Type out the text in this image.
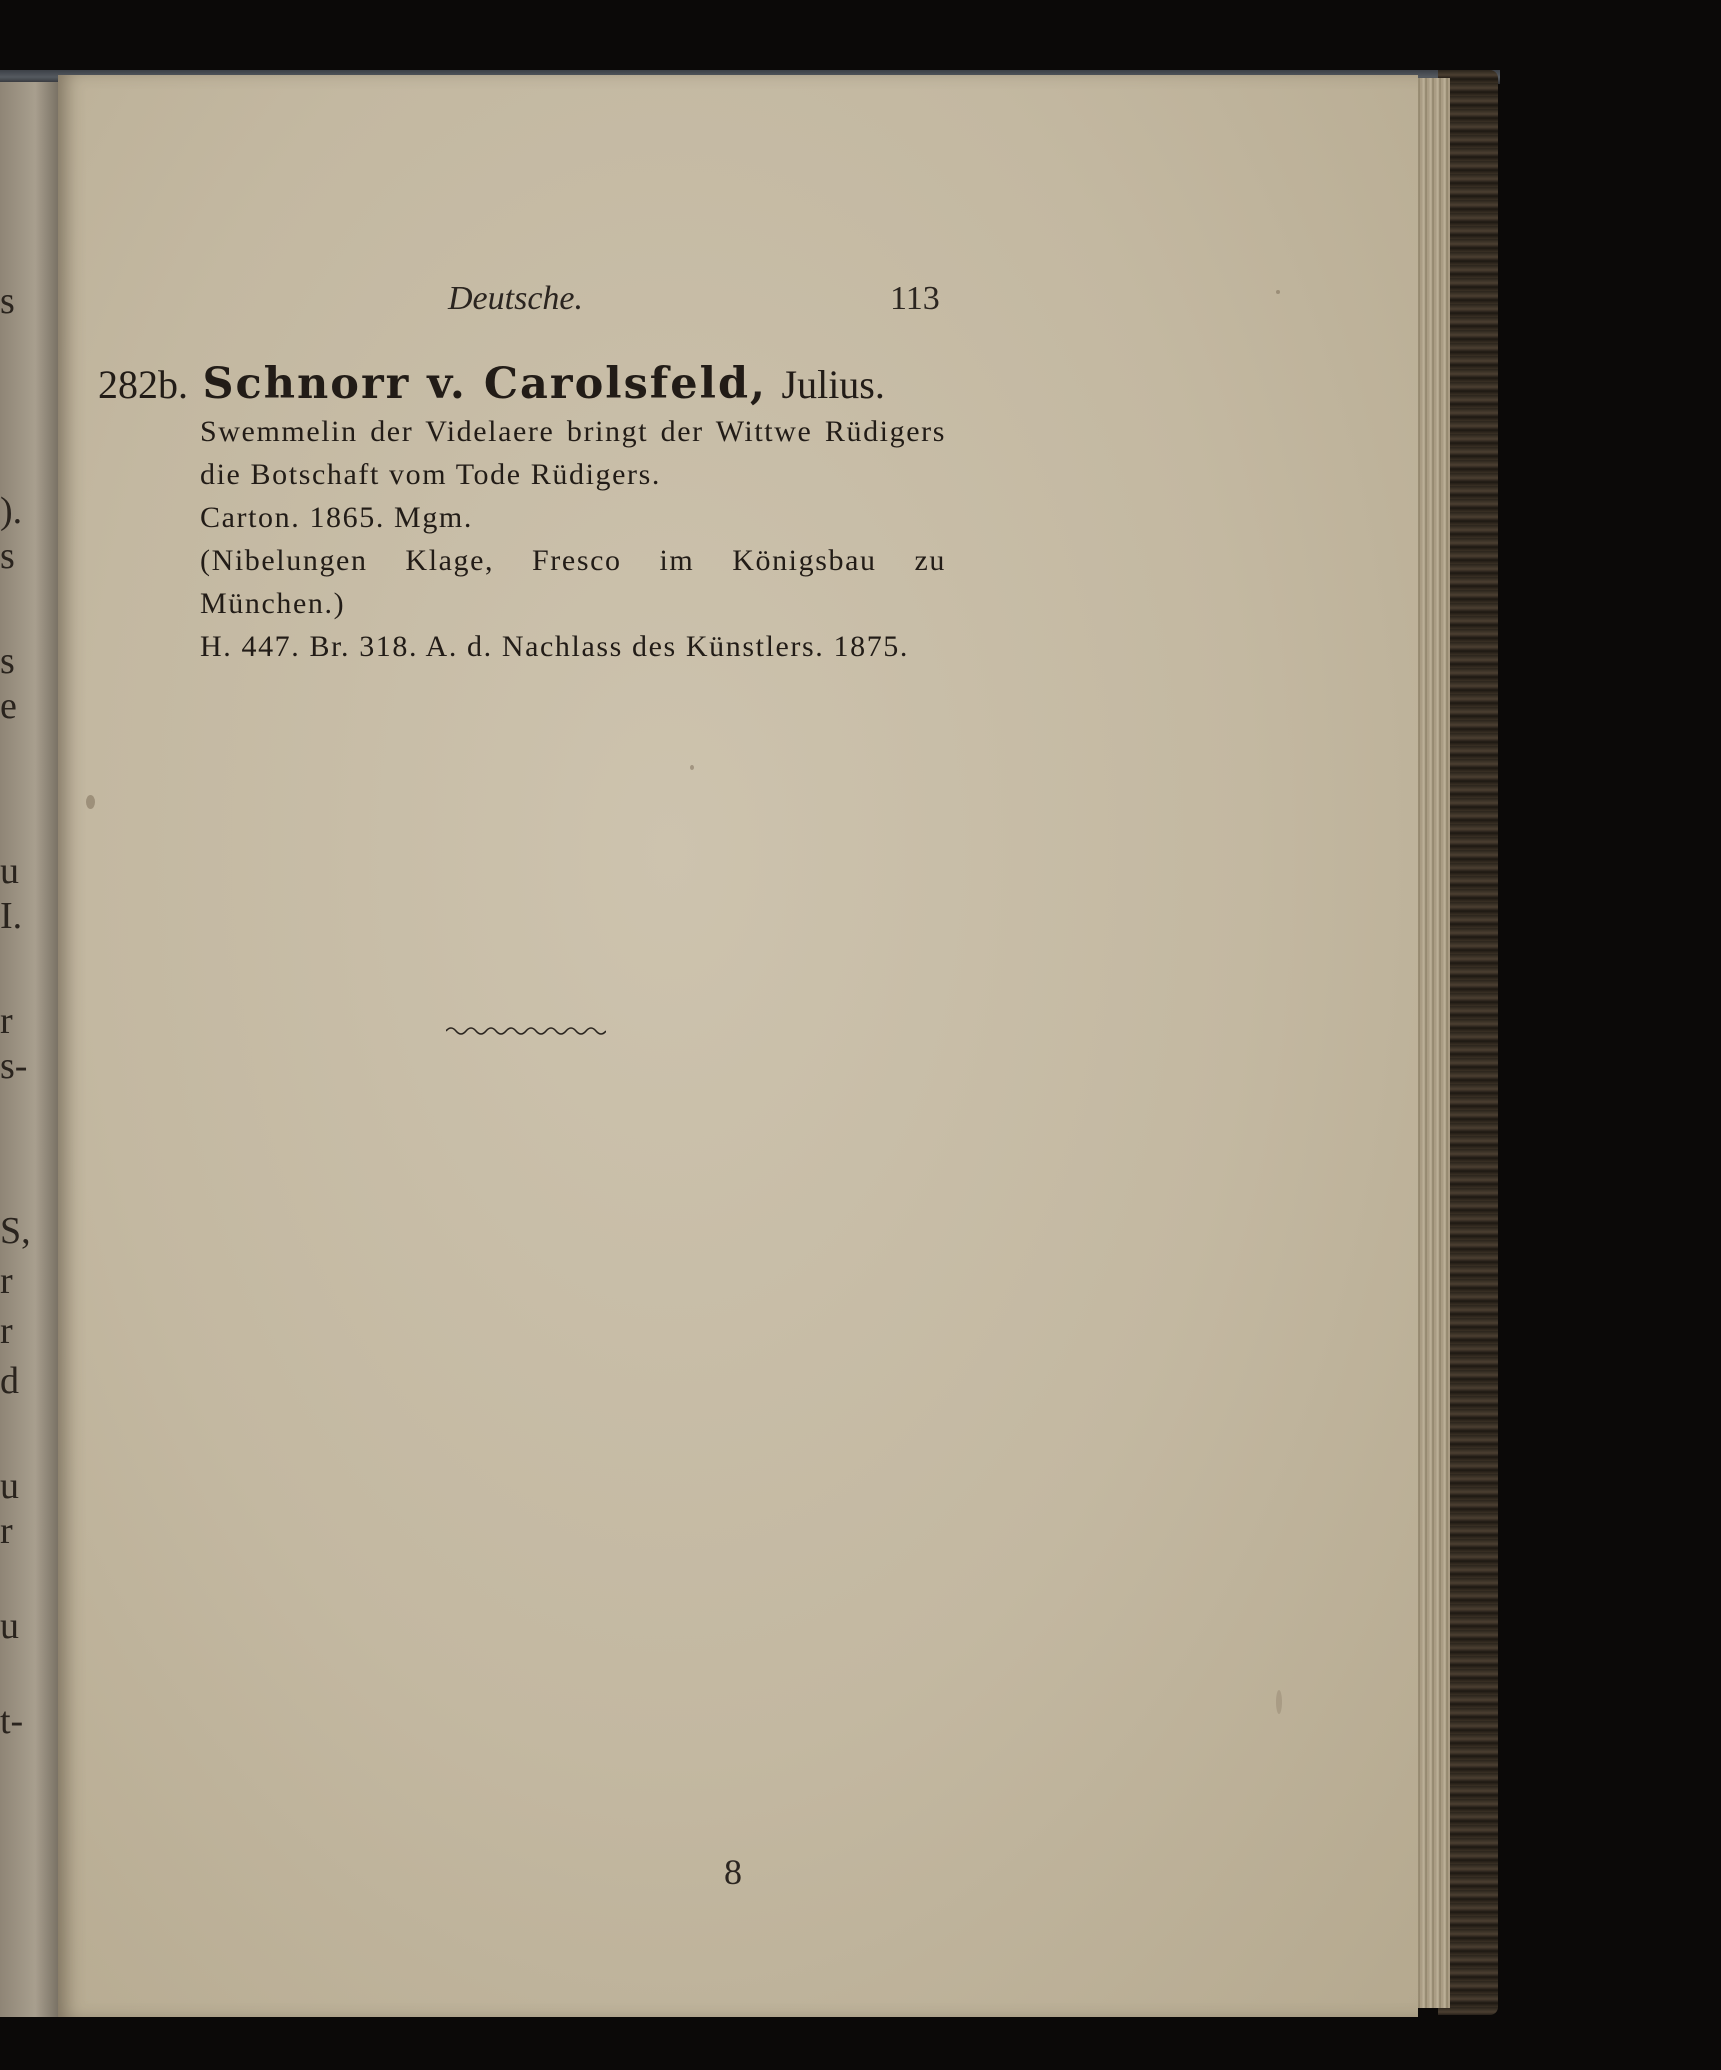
s
).
s
s
e
u
I.
r
s-
S,
r
r
d
u
r
u
t-
Deutsche.	113
282b. Schnorr v. Carolsfeld, Julius.

Swemmelin der Videlaere bringt der Wittwe Rüdigers die Botschaft vom Tode Rüdigers.

Carton. 1865. Mgm.

(Nibelungen Klage, Fresco im Königsbau zu München.)

H. 447. Br. 318. A. d. Nachlass des Künstlers. 1875.

8
